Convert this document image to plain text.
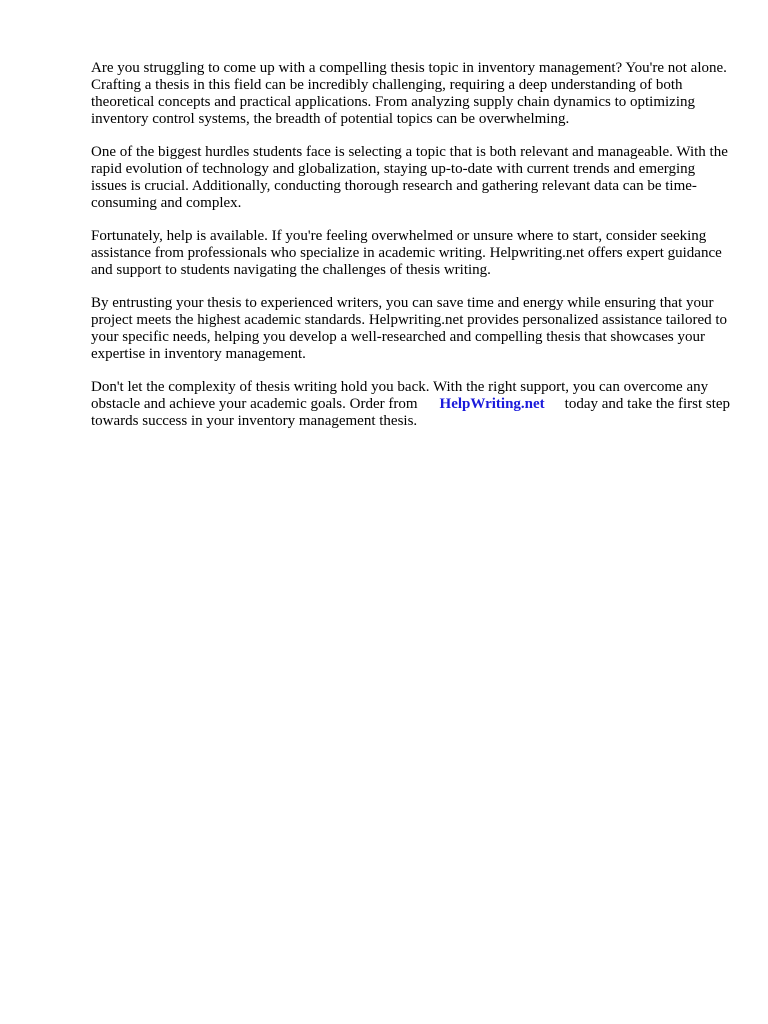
Are you struggling to come up with a compelling thesis topic in inventory management? You're not alone. Crafting a thesis in this field can be incredibly challenging, requiring a deep understanding of both theoretical concepts and practical applications. From analyzing supply chain dynamics to optimizing inventory control systems, the breadth of potential topics can be overwhelming.

One of the biggest hurdles students face is selecting a topic that is both relevant and manageable. With the rapid evolution of technology and globalization, staying up-to-date with current trends and emerging issues is crucial. Additionally, conducting thorough research and gathering relevant data can be time-consuming and complex.

Fortunately, help is available. If you're feeling overwhelmed or unsure where to start, consider seeking assistance from professionals who specialize in academic writing. Helpwriting.net offers expert guidance and support to students navigating the challenges of thesis writing.

By entrusting your thesis to experienced writers, you can save time and energy while ensuring that your project meets the highest academic standards. Helpwriting.net provides personalized assistance tailored to your specific needs, helping you develop a well-researched and compelling thesis that showcases your expertise in inventory management.

Don't let the complexity of thesis writing hold you back. With the right support, you can overcome any obstacle and achieve your academic goals. Order from HelpWriting.net today and take the first step towards success in your inventory management thesis.
